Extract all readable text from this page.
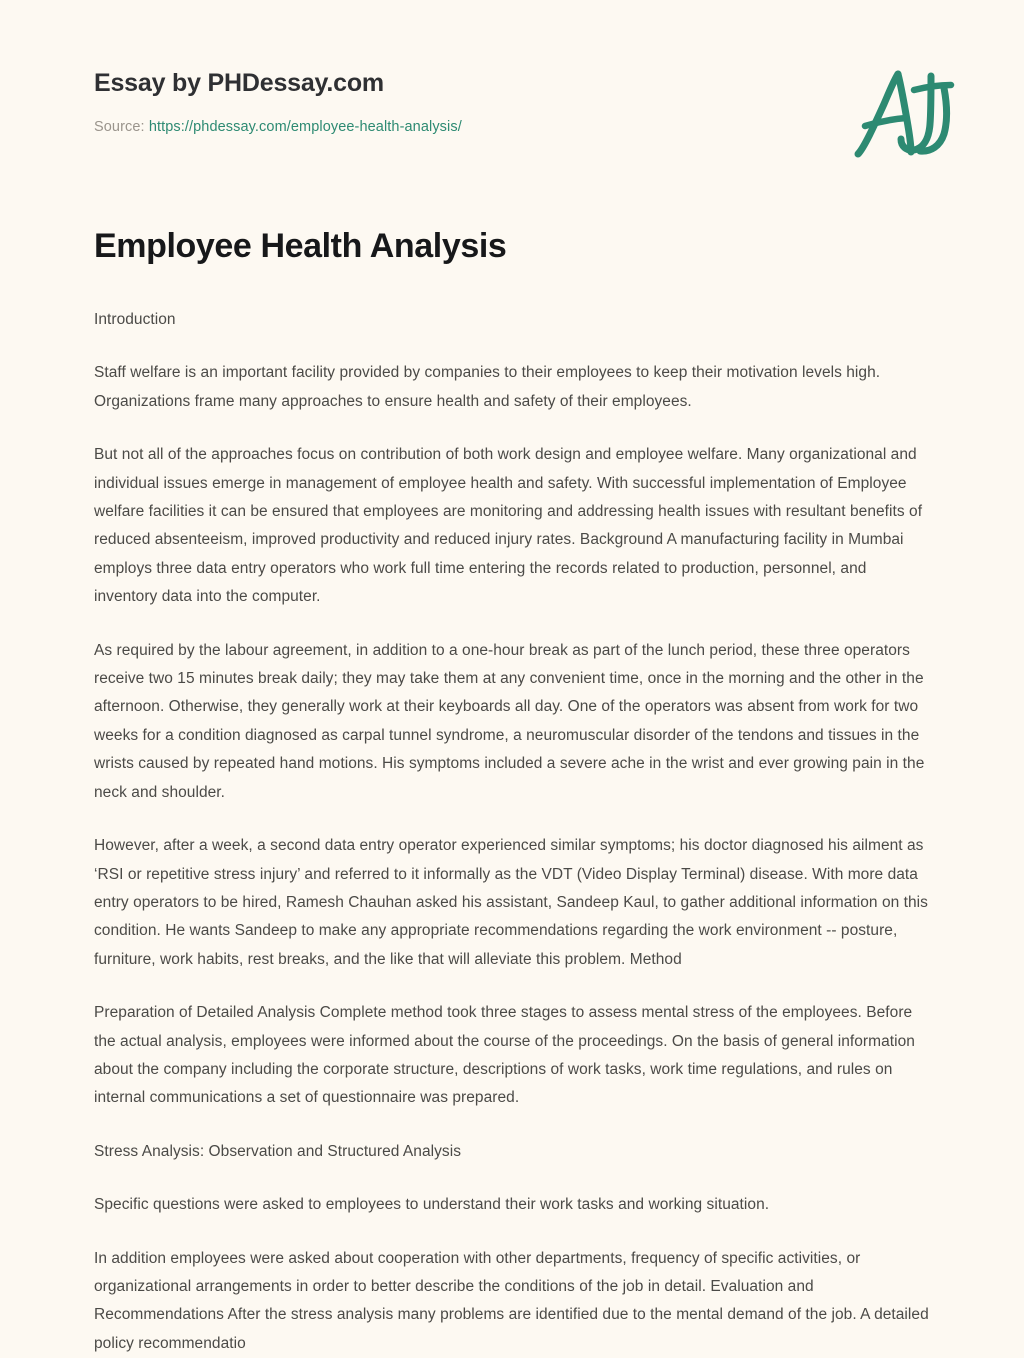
Essay by PHDessay.com
Source: https://phdessay.com/employee-health-analysis/
Employee Health Analysis

Introduction

Staff welfare is an important facility provided by companies to their employees to keep their motivation levels high. Organizations frame many approaches to ensure health and safety of their employees.

But not all of the approaches focus on contribution of both work design and employee welfare. Many organizational and individual issues emerge in management of employee health and safety. With successful implementation of Employee welfare facilities it can be ensured that employees are monitoring and addressing health issues with resultant benefits of reduced absenteeism, improved productivity and reduced injury rates. Background A manufacturing facility in Mumbai employs three data entry operators who work full time entering the records related to production, personnel, and inventory data into the computer.

As required by the labour agreement, in addition to a one-hour break as part of the lunch period, these three operators receive two 15 minutes break daily; they may take them at any convenient time, once in the morning and the other in the afternoon. Otherwise, they generally work at their keyboards all day. One of the operators was absent from work for two weeks for a condition diagnosed as carpal tunnel syndrome, a neuromuscular disorder of the tendons and tissues in the wrists caused by repeated hand motions. His symptoms included a severe ache in the wrist and ever growing pain in the neck and shoulder.

However, after a week, a second data entry operator experienced similar symptoms; his doctor diagnosed his ailment as ‘RSI or repetitive stress injury’ and referred to it informally as the VDT (Video Display Terminal) disease. With more data entry operators to be hired, Ramesh Chauhan asked his assistant, Sandeep Kaul, to gather additional information on this condition. He wants Sandeep to make any appropriate recommendations regarding the work environment -- posture, furniture, work habits, rest breaks, and the like that will alleviate this problem. Method

Preparation of Detailed Analysis Complete method took three stages to assess mental stress of the employees. Before the actual analysis, employees were informed about the course of the proceedings. On the basis of general information about the company including the corporate structure, descriptions of work tasks, work time regulations, and rules on internal communications a set of questionnaire was prepared.

Stress Analysis: Observation and Structured Analysis

Specific questions were asked to employees to understand their work tasks and working situation.

In addition employees were asked about cooperation with other departments, frequency of specific activities, or organizational arrangements in order to better describe the conditions of the job in detail. Evaluation and Recommendations After the stress analysis many problems are identified due to the mental demand of the job. A detailed policy recommendatio
